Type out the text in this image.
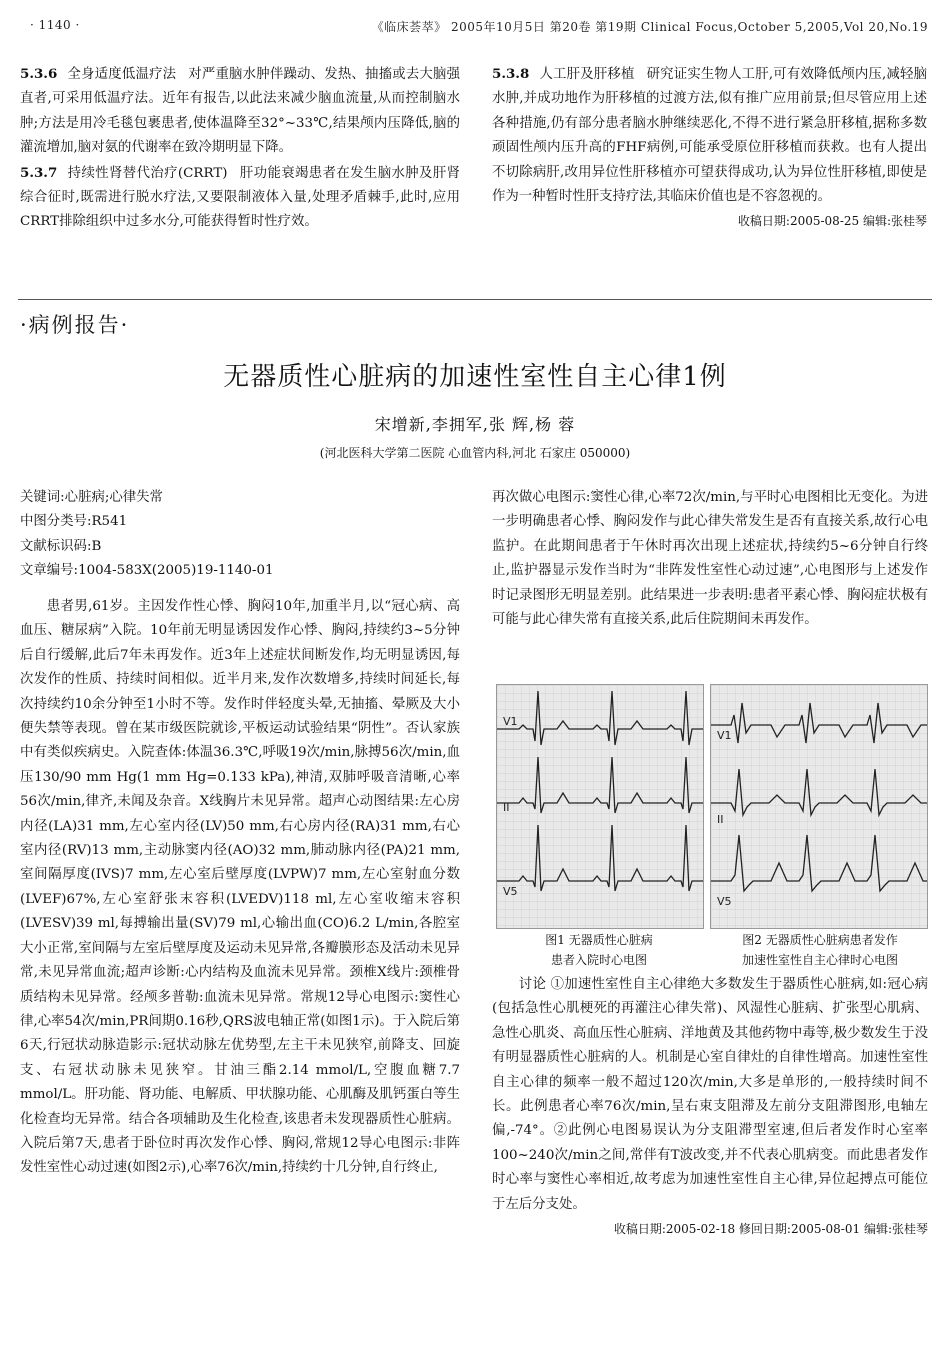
· 1140 ·	《临床荟萃》 2005年10月5日 第20卷 第19期 Clinical Focus,October 5,2005,Vol 20,No.19

5.3.6 全身适度低温疗法 对严重脑水肿伴躁动、发热、抽搐或去大脑强直者,可采用低温疗法。近年有报告,以此法来减少脑血流量,从而控制脑水肿;方法是用冷毛毯包裹患者,使体温降至32°~33℃,结果颅内压降低,脑的灌流增加,脑对氨的代谢率在致冷期明显下降。

5.3.7 持续性肾替代治疗(CRRT) 肝功能衰竭患者在发生脑水肿及肝肾综合征时,既需进行脱水疗法,又要限制液体入量,处理矛盾棘手,此时,应用CRRT排除组织中过多水分,可能获得暂时性疗效。

5.3.8 人工肝及肝移植 研究证实生物人工肝,可有效降低颅内压,减轻脑水肿,并成功地作为肝移植的过渡方法,似有推广应用前景;但尽管应用上述各种措施,仍有部分患者脑水肿继续恶化,不得不进行紧急肝移植,据称多数顽固性颅内压升高的FHF病例,可能承受原位肝移植而获救。也有人提出不切除病肝,改用异位性肝移植亦可望获得成功,认为异位性肝移植,即使是作为一种暂时性肝支持疗法,其临床价值也是不容忽视的。

收稿日期:2005-08-25 编辑:张桂琴

·病例报告·
无器质性心脏病的加速性室性自主心律1例
宋增新,李拥军,张 辉,杨 蓉
(河北医科大学第二医院 心血管内科,河北 石家庄 050000)
关键词:心脏病;心律失常
中图分类号:R541
文献标识码:B
文章编号:1004-583X(2005)19-1140-01

患者男,61岁。主因发作性心悸、胸闷10年,加重半月,以“冠心病、高血压、糖尿病”入院。10年前无明显诱因发作心悸、胸闷,持续约3~5分钟后自行缓解,此后7年未再发作。近3年上述症状间断发作,均无明显诱因,每次发作的性质、持续时间相似。近半月来,发作次数增多,持续时间延长,每次持续约10余分钟至1小时不等。发作时伴轻度头晕,无抽搐、晕厥及大小便失禁等表现。曾在某市级医院就诊,平板运动试验结果“阴性”。否认家族中有类似疾病史。入院查体:体温36.3℃,呼吸19次/min,脉搏56次/min,血压130/90 mm Hg(1 mm Hg=0.133 kPa),神清,双肺呼吸音清晰,心率56次/min,律齐,未闻及杂音。X线胸片未见异常。超声心动图结果:左心房内径(LA)31 mm,左心室内径(LV)50 mm,右心房内径(RA)31 mm,右心室内径(RV)13 mm,主动脉窦内径(AO)32 mm,肺动脉内径(PA)21 mm,室间隔厚度(IVS)7 mm,左心室后壁厚度(LVPW)7 mm,左心室射血分数(LVEF)67%,左心室舒张末容积(LVEDV)118 ml,左心室收缩末容积(LVESV)39 ml,每搏输出量(SV)79 ml,心输出血(CO)6.2 L/min,各腔室大小正常,室间隔与左室后壁厚度及运动未见异常,各瓣膜形态及活动未见异常,未见异常血流;超声诊断:心内结构及血流未见异常。颈椎X线片:颈椎骨质结构未见异常。经颅多普勒:血流未见异常。常规12导心电图示:窦性心律,心率54次/min,PR间期0.16秒,QRS波电轴正常(如图1示)。于入院后第6天,行冠状动脉造影示:冠状动脉左优势型,左主干未见狭窄,前降支、回旋支、右冠状动脉未见狭窄。甘油三酯2.14 mmol/L,空腹血糖7.7 mmol/L。肝功能、肾功能、电解质、甲状腺功能、心肌酶及肌钙蛋白等生化检查均无异常。结合各项辅助及生化检查,该患者未发现器质性心脏病。入院后第7天,患者于卧位时再次发作心悸、胸闷,常规12导心电图示:非阵发性室性心动过速(如图2示),心率76次/min,持续约十几分钟,自行终止,

再次做心电图示:窦性心律,心率72次/min,与平时心电图相比无变化。为进一步明确患者心悸、胸闷发作与此心律失常发生是否有直接关系,故行心电监护。在此期间患者于午休时再次出现上述症状,持续约5~6分钟自行终止,监护器显示发作当时为“非阵发性室性心动过速”,心电图形与上述发作时记录图形无明显差别。此结果进一步表明:患者平素心悸、胸闷症状极有可能与此心律失常有直接关系,此后住院期间未再发作。

V1
II
V5
图1 无器质性心脏病
患者入院时心电图
V1
II
V5
图2 无器质性心脏病患者发作
加速性室性自主心律时心电图

讨论 ①加速性室性自主心律绝大多数发生于器质性心脏病,如:冠心病(包括急性心肌梗死的再灌注心律失常)、风湿性心脏病、扩张型心肌病、急性心肌炎、高血压性心脏病、洋地黄及其他药物中毒等,极少数发生于没有明显器质性心脏病的人。机制是心室自律灶的自律性增高。加速性室性自主心律的频率一般不超过120次/min,大多是单形的,一般持续时间不长。此例患者心率76次/min,呈右束支阻滞及左前分支阻滞图形,电轴左偏,-74°。②此例心电图易误认为分支阻滞型室速,但后者发作时心室率100~240次/min之间,常伴有T波改变,并不代表心肌病变。而此患者发作时心率与窦性心率相近,故考虑为加速性室性自主心律,异位起搏点可能位于左后分支处。

收稿日期:2005-02-18 修回日期:2005-08-01 编辑:张桂琴
